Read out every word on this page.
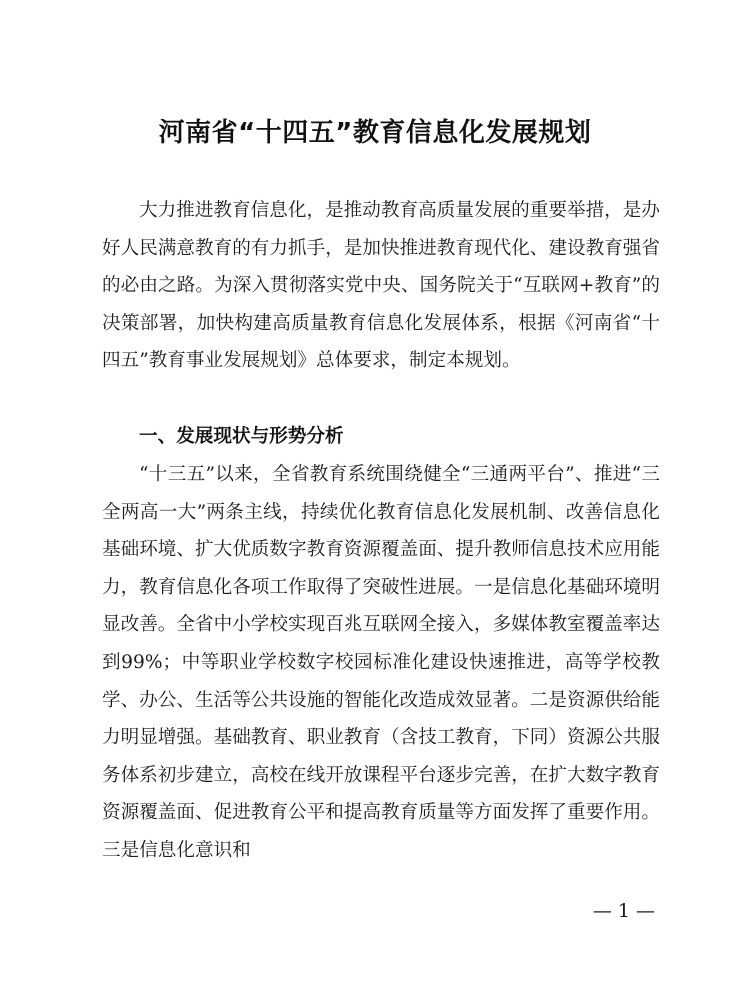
河南省“十四五”教育信息化发展规划

大力推进教育信息化，是推动教育高质量发展的重要举措，是办好人民满意教育的有力抓手，是加快推进教育现代化、建设教育强省的必由之路。为深入贯彻落实党中央、国务院关于“互联网+教育”的决策部署，加快构建高质量教育信息化发展体系，根据《河南省“十四五”教育事业发展规划》总体要求，制定本规划。

一、发展现状与形势分析

“十三五”以来，全省教育系统围绕健全“三通两平台”、推进“三全两高一大”两条主线，持续优化教育信息化发展机制、改善信息化基础环境、扩大优质数字教育资源覆盖面、提升教师信息技术应用能力，教育信息化各项工作取得了突破性进展。一是信息化基础环境明显改善。全省中小学校实现百兆互联网全接入，多媒体教室覆盖率达到99%；中等职业学校数字校园标准化建设快速推进，高等学校教学、办公、生活等公共设施的智能化改造成效显著。二是资源供给能力明显增强。基础教育、职业教育（含技工教育，下同）资源公共服务体系初步建立，高校在线开放课程平台逐步完善，在扩大数字教育资源覆盖面、促进教育公平和提高教育质量等方面发挥了重要作用。三是信息化意识和

— 1 —
